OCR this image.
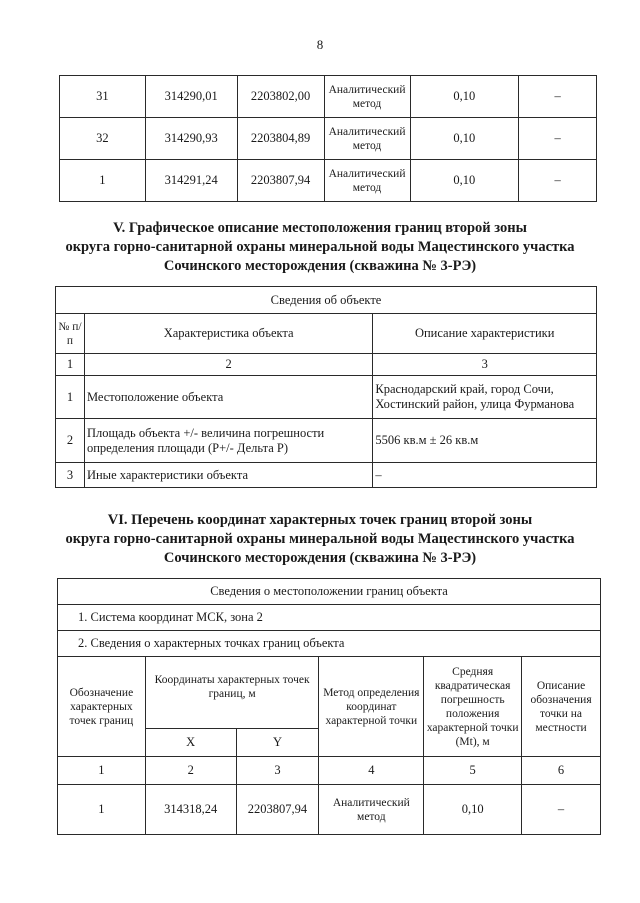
8
31	314290,01	2203802,00	Аналитический
метод	0,10	–
32	314290,93	2203804,89	Аналитический
метод	0,10	–
1	314291,24	2203807,94	Аналитический
метод	0,10	–
V. Графическое описание местоположения границ второй зоны
округа горно-санитарной охраны минеральной воды Мацестинского участка
Сочинского месторождения (скважина № 3-РЭ)
Сведения об объекте		
№ п/п	Характеристика объекта	Описание характеристики
1	2	3
1	Местоположение объекта	Краснодарский край, город Сочи,
Хостинский район, улица Фурманова

2	Площадь объекта +/- величина погрешности
определения площади (P+/- Дельта P)	5506 кв.м ± 26 кв.м
3	Иные характеристики объекта	–
VI. Перечень координат характерных точек границ второй зоны
округа горно-санитарной охраны минеральной воды Мацестинского участка
Сочинского месторождения (скважина № 3-РЭ)
Сведения о местоположении границ объекта					
1. Система координат МСК, зона 2					
2. Сведения о характерных точках границ объекта					
Обозначение характерных точек границ	Координаты характерных точек границ, м		Метод определения координат характерной точки	Средняя квадратическая погрешность положения характерной точки (Mt), м	Описание обозначения точки на местности
	X	Y			
1	2	3	4	5	6
1	314318,24	2203807,94	Аналитический
метод	0,10	–
